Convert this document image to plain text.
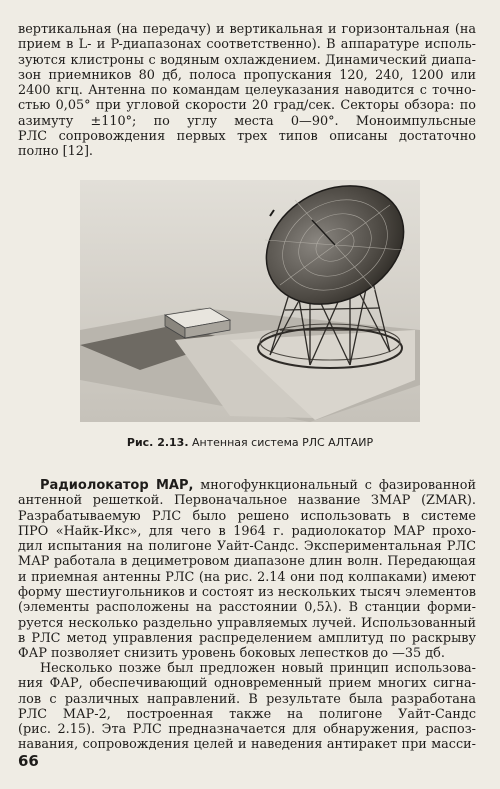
вертикальная (на передачу) и вертикальная и горизонтальная (на
прием в L- и P-диапазонах соответственно). В аппаратуре исполь-
зуются клистроны с водяным охлаждением. Динамический диапа-
зон приемников 80 дб, полоса пропускания 120, 240, 1200 или
2400 кгц. Антенна по командам целеуказания наводится с точно-
стью 0,05° при угловой скорости 20 град/сек. Секторы обзора: по
азимуту ±110°; по углу места 0—90°. Моноимпульсные
РЛС сопровождения первых трех типов описаны достаточно
полно [12].

Рис. 2.13. Антенная система РЛС АЛТАИР

Радиолокатор МАР, многофункциональный с фазированной
антенной решеткой. Первоначальное название ЗМАР (ZMAR).
Разрабатываемую РЛС было решено использовать в системе
ПРО «Найк-Икс», для чего в 1964 г. радиолокатор МАР прохо-
дил испытания на полигоне Уайт-Сандс. Экспериментальная РЛС
МАР работала в дециметровом диапазоне длин волн. Передающая
и приемная антенны РЛС (на рис. 2.14 они под колпаками) имеют
форму шестиугольников и состоят из нескольких тысяч элементов
(элементы расположены на расстоянии 0,5λ). В станции форми-
руется несколько раздельно управляемых лучей. Использованный
в РЛС метод управления распределением амплитуд по раскрыву
ФАР позволяет снизить уровень боковых лепестков до —35 дб.

Несколько позже был предложен новый принцип использова-
ния ФАР, обеспечивающий одновременный прием многих сигна-
лов с различных направлений. В результате была разработана
РЛС МАР-2, построенная также на полигоне Уайт-Сандс
(рис. 2.15). Эта РЛС предназначается для обнаружения, распоз-
навания, сопровождения целей и наведения антиракет при масси-

66
